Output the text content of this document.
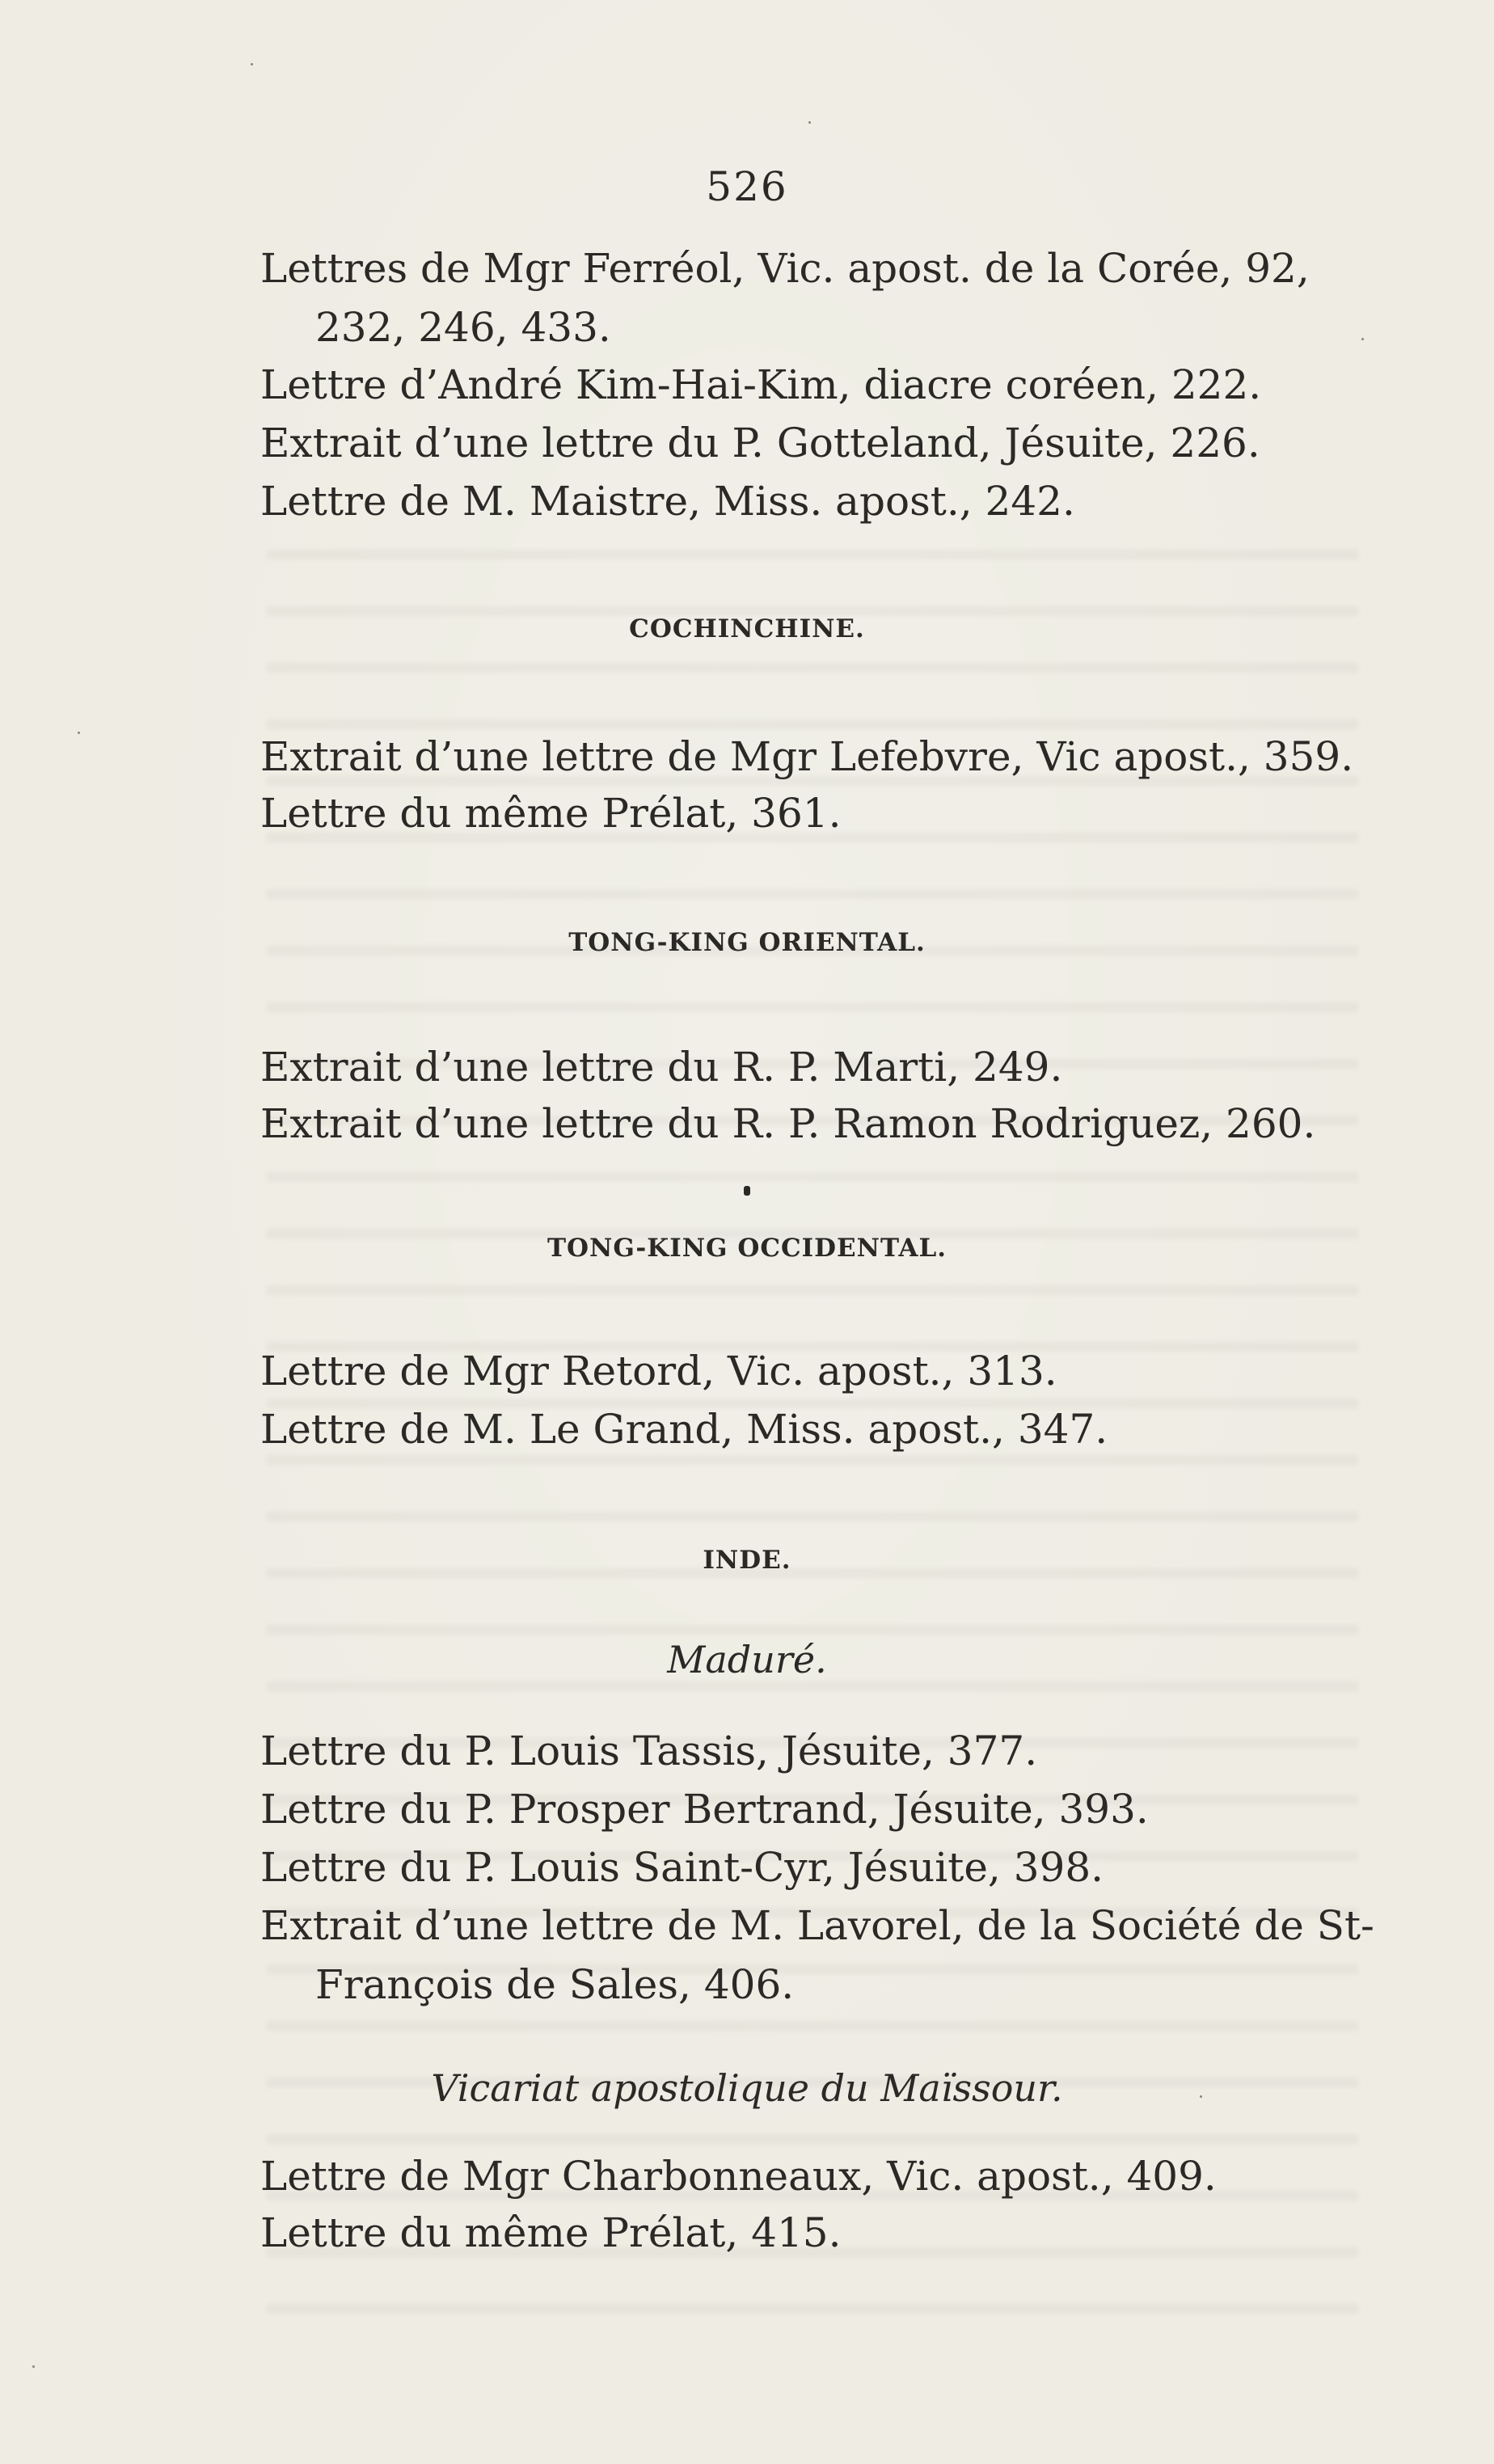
526
Lettres de Mgr Ferréol, Vic. apost. de la Corée, 92,
232, 246, 433.
Lettre d’André Kim-Hai-Kim, diacre coréen, 222.
Extrait d’une lettre du P. Gotteland, Jésuite, 226.
Lettre de M. Maistre, Miss. apost., 242.
COCHINCHINE.
Extrait d’une lettre de Mgr Lefebvre, Vic apost., 359.
Lettre du même Prélat, 361.
TONG-KING ORIENTAL.
Extrait d’une lettre du R. P. Marti, 249.
Extrait d’une lettre du R. P. Ramon Rodriguez, 260.
TONG-KING OCCIDENTAL.
Lettre de Mgr Retord, Vic. apost., 313.
Lettre de M. Le Grand, Miss. apost., 347.
INDE.
Maduré.
Lettre du P. Louis Tassis, Jésuite, 377.
Lettre du P. Prosper Bertrand, Jésuite, 393.
Lettre du P. Louis Saint-Cyr, Jésuite, 398.
Extrait d’une lettre de M. Lavorel, de la Société de St-
François de Sales, 406.
Vicariat apostolique du Maïssour.
Lettre de Mgr Charbonneaux, Vic. apost., 409.
Lettre du même Prélat, 415.
